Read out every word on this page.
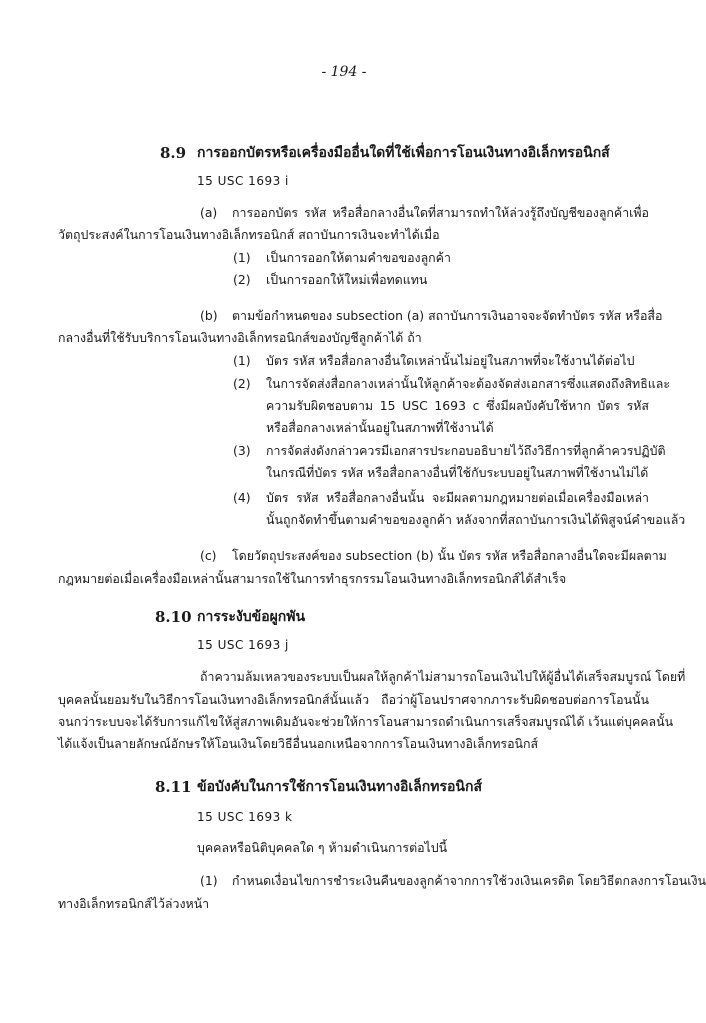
- 194 -
8.9 การออกบัตรหรือเครื่องมืออื่นใดที่ใช้เพื่อการโอนเงินทางอิเล็กทรอนิกส์
15 USC 1693 i
(a) การออกบัตร รหัส หรือสื่อกลางอื่นใดที่สามารถทำให้ล่วงรู้ถึงบัญชีของลูกค้าเพื่อ
วัตถุประสงค์ในการโอนเงินทางอิเล็กทรอนิกส์ สถาบันการเงินจะทำได้เมื่อ
(1) เป็นการออกให้ตามคำขอของลูกค้า
(2) เป็นการออกให้ใหม่เพื่อทดแทน
(b) ตามข้อกำหนดของ subsection (a) สถาบันการเงินอาจจะจัดทำบัตร รหัส หรือสื่อ
กลางอื่นที่ใช้รับบริการโอนเงินทางอิเล็กทรอนิกส์ของบัญชีลูกค้าได้ ถ้า
(1) บัตร รหัส หรือสื่อกลางอื่นใดเหล่านั้นไม่อยู่ในสภาพที่จะใช้งานได้ต่อไป
(2) ในการจัดส่งสื่อกลางเหล่านั้นให้ลูกค้าจะต้องจัดส่งเอกสารซึ่งแสดงถึงสิทธิและ
ความรับผิดชอบตาม 15 USC 1693 c ซึ่งมีผลบังคับใช้หาก บัตร รหัส
หรือสื่อกลางเหล่านั้นอยู่ในสภาพที่ใช้งานได้
(3) การจัดส่งดังกล่าวควรมีเอกสารประกอบอธิบายไว้ถึงวิธีการที่ลูกค้าควรปฏิบัติ
ในกรณีที่บัตร รหัส หรือสื่อกลางอื่นที่ใช้กับระบบอยู่ในสภาพที่ใช้งานไม่ได้
(4) บัตร รหัส หรือสื่อกลางอื่นนั้น จะมีผลตามกฎหมายต่อเมื่อเครื่องมือเหล่า
นั้นถูกจัดทำขึ้นตามคำขอของลูกค้า หลังจากที่สถาบันการเงินได้พิสูจน์คำขอแล้ว
(c) โดยวัตถุประสงค์ของ subsection (b) นั้น บัตร รหัส หรือสื่อกลางอื่นใดจะมีผลตาม
กฎหมายต่อเมื่อเครื่องมือเหล่านั้นสามารถใช้ในการทำธุรกรรมโอนเงินทางอิเล็กทรอนิกส์ได้สำเร็จ
8.10 การระงับข้อผูกพัน
15 USC 1693 j
ถ้าความล้มเหลวของระบบเป็นผลให้ลูกค้าไม่สามารถโอนเงินไปให้ผู้อื่นได้เสร็จสมบูรณ์ โดยที่
บุคคลนั้นยอมรับในวิธีการโอนเงินทางอิเล็กทรอนิกส์นั้นแล้ว ถือว่าผู้โอนปราศจากภาระรับผิดชอบต่อการโอนนั้น
จนกว่าระบบจะได้รับการแก้ไขให้สู่สภาพเดิมอันจะช่วยให้การโอนสามารถดำเนินการเสร็จสมบูรณ์ได้ เว้นแต่บุคคลนั้น
ได้แจ้งเป็นลายลักษณ์อักษรให้โอนเงินโดยวิธีอื่นนอกเหนือจากการโอนเงินทางอิเล็กทรอนิกส์
8.11 ข้อบังคับในการใช้การโอนเงินทางอิเล็กทรอนิกส์
15 USC 1693 k
บุคคลหรือนิติบุคคลใด ๆ ห้ามดำเนินการต่อไปนี้
(1) กำหนดเงื่อนไขการชำระเงินคืนของลูกค้าจากการใช้วงเงินเครดิต โดยวิธีตกลงการโอนเงิน
ทางอิเล็กทรอนิกส์ไว้ล่วงหน้า
